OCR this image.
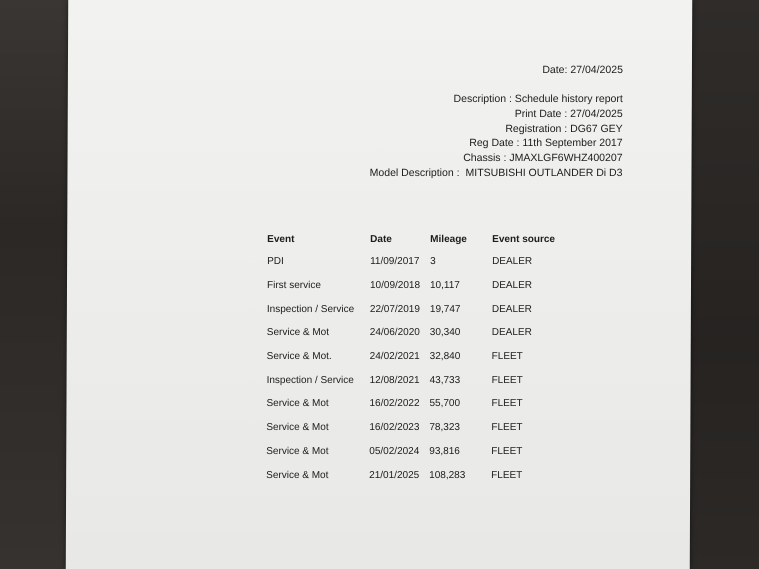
Date: 27/04/2025
Description : Schedule history report
Print Date : 27/04/2025
Registration : DG67 GEY
Reg Date : 11th September 2017
Chassis : JMAXLGF6WHZ400207
Model Description : MITSUBISHI OUTLANDER Di D3
Event	Date	Mileage	Event source
PDI	11/09/2017	3	DEALER
First service	10/09/2018	10,117	DEALER
Inspection / Service	22/07/2019	19,747	DEALER
Service & Mot	24/06/2020	30,340	DEALER
Service & Mot.	24/02/2021	32,840	FLEET
Inspection / Service	12/08/2021	43,733	FLEET
Service & Mot	16/02/2022	55,700	FLEET
Service & Mot	16/02/2023	78,323	FLEET
Service & Mot	05/02/2024	93,816	FLEET
Service & Mot	21/01/2025	108,283	FLEET
